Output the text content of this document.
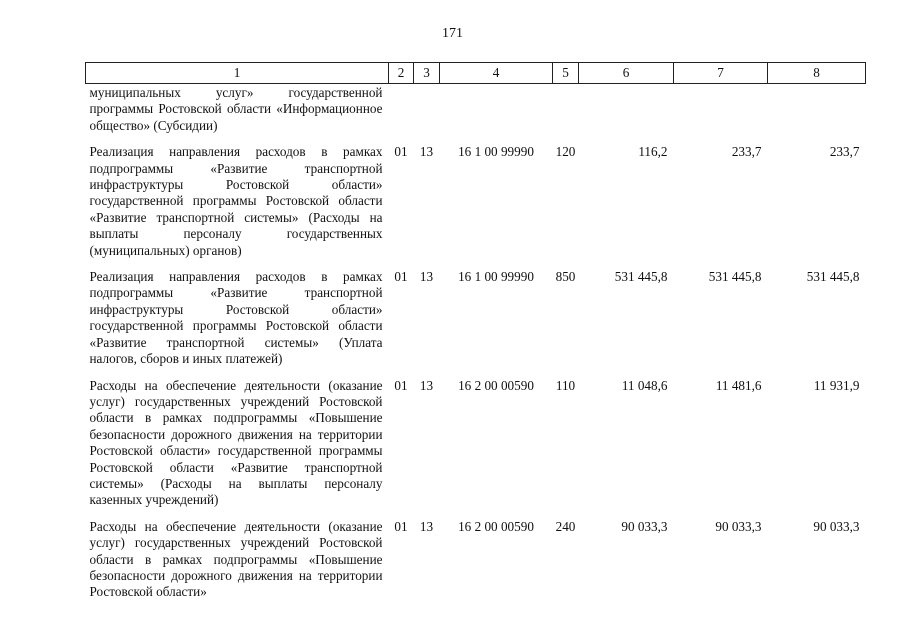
171
1	2	3	4	5	6	7	8
муниципальных услуг» государственной программы Ростовской области «Информационное общество» (Субсидии)							
Реализация направления расходов в рамках подпрограммы «Развитие транспортной инфраструктуры Ростовской области» государственной программы Ростовской области «Развитие транспортной системы» (Расходы на выплаты персоналу государственных (муниципальных) органов)	01	13	16 1 00 99990	120	116,2	233,7	233,7
Реализация направления расходов в рамках подпрограммы «Развитие транспортной инфраструктуры Ростовской области» государственной программы Ростовской области «Развитие транспортной системы» (Уплата налогов, сборов и иных платежей)	01	13	16 1 00 99990	850	531 445,8	531 445,8	531 445,8
Расходы на обеспечение деятельности (оказание услуг) государственных учреждений Ростовской области в рамках подпрограммы «Повышение безопасности дорожного движения на территории Ростовской области» государственной программы Ростовской области «Развитие транспортной системы» (Расходы на выплаты персоналу казенных учреждений)	01	13	16 2 00 00590	110	11 048,6	11 481,6	11 931,9
Расходы на обеспечение деятельности (оказание услуг) государственных учреждений Ростовской области в рамках подпрограммы «Повышение безопасности дорожного движения на территории Ростовской области»	01	13	16 2 00 00590	240	90 033,3	90 033,3	90 033,3
